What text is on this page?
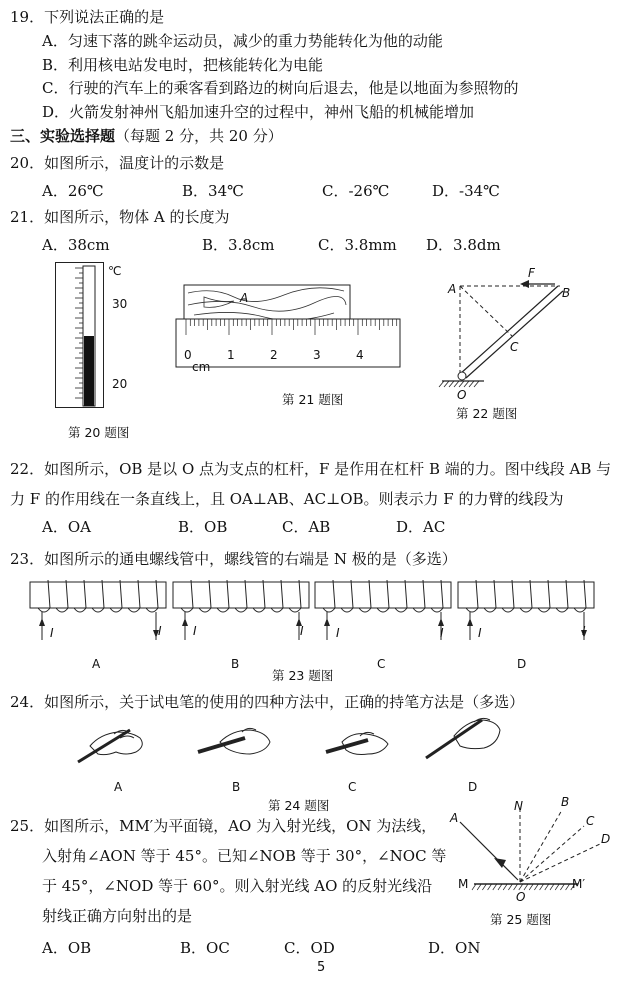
19．下列说法正确的是
A．匀速下落的跳伞运动员，减少的重力势能转化为他的动能
B．利用核电站发电时，把核能转化为电能
C．行驶的汽车上的乘客看到路边的树向后退去，他是以地面为参照物的
D．火箭发射神州飞船加速升空的过程中，神州飞船的机械能增加
三、实验选择题（每题 2 分，共 20 分）
20．如图所示，温度计的示数是
A．26℃	B．34℃	C．-26℃	D．-34℃
21．如图所示，物体 A 的长度为
A．38cm	B．3.8cm	C．3.8mm D．3.8dm
℃
30
20
第 20 题图
A
0	1	2	3	4
cm
第 21 题图
A
F
B
C
O
第 22 题图
22．如图所示，OB 是以 O 点为支点的杠杆，F 是作用在杠杆 B 端的力。图中线段 AB 与
力 F 的作用线在一条直线上，且 OA⊥AB、AC⊥OB。则表示力 F 的力臂的线段为
A．OA	B．OB	C．AB	D．AC
23．如图所示的通电螺线管中，螺线管的右端是 N 极的是（多选）
A	B	C	D
第 23 题图
I	I	I	I	I	I	I	I
24．如图所示，关于试电笔的使用的四种方法中，正确的持笔方法是（多选）
A	B	C	D
第 24 题图
25．如图所示，MM′为平面镜，AO 为入射光线，ON 为法线，
入射角∠AON 等于 45°。已知∠NOB 等于 30°，∠NOC 等
于 45°，∠NOD 等于 60°。则入射光线 AO 的反射光线沿
射线正确方向射出的是
A．OB	B．OC	C．OD	D．ON
A
N	B
C
D
M	M′
O
第 25 题图
5
